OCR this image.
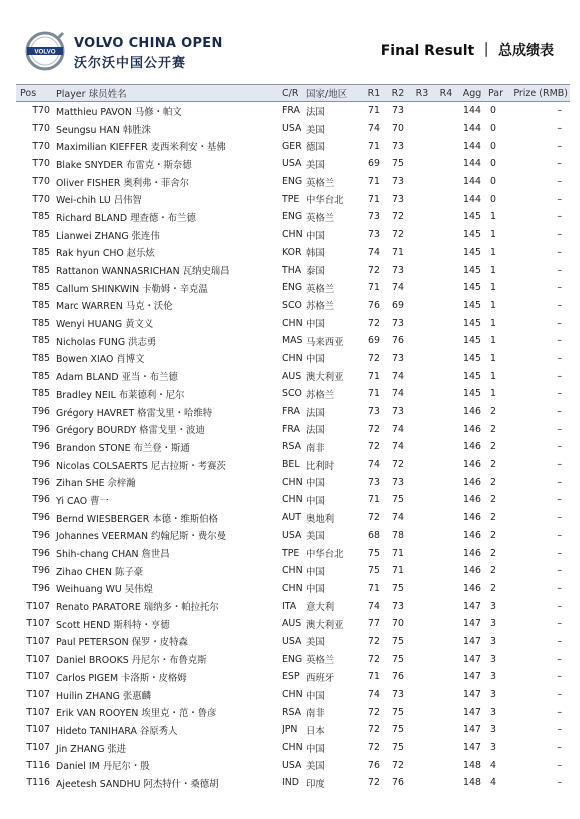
VOLVO
VOLVO CHINA OPEN
沃尔沃中国公开赛
Final Result ｜ 总成绩表
Pos	Player 球员姓名	C/R	国家/地区	R1	R2	R3	R4	Agg	Par	Prize (RMB)
T70	Matthieu PAVON 马修・帕文	FRA	法国	71	73			144	0	–
T70	Seungsu HAN 韩胜洙	USA	美国	74	70			144	0	–
T70	Maximilian KIEFFER 麦西米利安・基佛	GER	德国	71	73			144	0	–
T70	Blake SNYDER 布雷克・斯奈德	USA	美国	69	75			144	0	–
T70	Oliver FISHER 奥利弗・菲舍尔	ENG	英格兰	71	73			144	0	–
T70	Wei-chih LU 吕伟智	TPE	中华台北	71	73			144	0	–
T85	Richard BLAND 理查德・布兰德	ENG	英格兰	73	72			145	1	–
T85	Lianwei ZHANG 张连伟	CHN	中国	73	72			145	1	–
T85	Rak hyun CHO 赵乐炫	KOR	韩国	74	71			145	1	–
T85	Rattanon WANNASRICHAN 瓦纳史瑞昌	THA	泰国	72	73			145	1	–
T85	Callum SHINKWIN 卡勒姆・辛克温	ENG	英格兰	71	74			145	1	–
T85	Marc WARREN 马克・沃伦	SCO	苏格兰	76	69			145	1	–
T85	Wenyi HUANG 黄文义	CHN	中国	72	73			145	1	–
T85	Nicholas FUNG 洪志勇	MAS	马来西亚	69	76			145	1	–
T85	Bowen XIAO 肖博文	CHN	中国	72	73			145	1	–
T85	Adam BLAND 亚当・布兰德	AUS	澳大利亚	71	74			145	1	–
T85	Bradley NEIL 布莱德利・尼尔	SCO	苏格兰	71	74			145	1	–
T96	Grégory HAVRET 格雷戈里・哈维特	FRA	法国	73	73			146	2	–
T96	Grégory BOURDY 格雷戈里・波迪	FRA	法国	72	74			146	2	–
T96	Brandon STONE 布兰登・斯通	RSA	南非	72	74			146	2	–
T96	Nicolas COLSAERTS 尼古拉斯・考赛茨	BEL	比利时	74	72			146	2	–
T96	Zihan SHE 佘梓瀚	CHN	中国	73	73			146	2	–
T96	Yi CAO 曹一	CHN	中国	71	75			146	2	–
T96	Bernd WIESBERGER 本德・维斯伯格	AUT	奥地利	72	74			146	2	–
T96	Johannes VEERMAN 约翰尼斯・费尔曼	USA	美国	68	78			146	2	–
T96	Shih-chang CHAN 詹世昌	TPE	中华台北	75	71			146	2	–
T96	Zihao CHEN 陈子豪	CHN	中国	75	71			146	2	–
T96	Weihuang WU 吴伟煌	CHN	中国	71	75			146	2	–
T107	Renato PARATORE 瑞纳多・帕拉托尔	ITA	意大利	74	73			147	3	–
T107	Scott HEND 斯科特・亨德	AUS	澳大利亚	77	70			147	3	–
T107	Paul PETERSON 保罗・皮特森	USA	美国	72	75			147	3	–
T107	Daniel BROOKS 丹尼尔・布鲁克斯	ENG	英格兰	72	75			147	3	–
T107	Carlos PIGEM 卡洛斯・皮格姆	ESP	西班牙	71	76			147	3	–
T107	Huilin ZHANG 张惠麟	CHN	中国	74	73			147	3	–
T107	Erik VAN ROOYEN 埃里克・范・鲁彦	RSA	南非	72	75			147	3	–
T107	Hideto TANIHARA 谷原秀人	JPN	日本	72	75			147	3	–
T107	Jin ZHANG 张进	CHN	中国	72	75			147	3	–
T116	Daniel IM 丹尼尔・殷	USA	美国	76	72			148	4	–
T116	Ajeetesh SANDHU 阿杰特什・桑德胡	IND	印度	72	76			148	4	–
